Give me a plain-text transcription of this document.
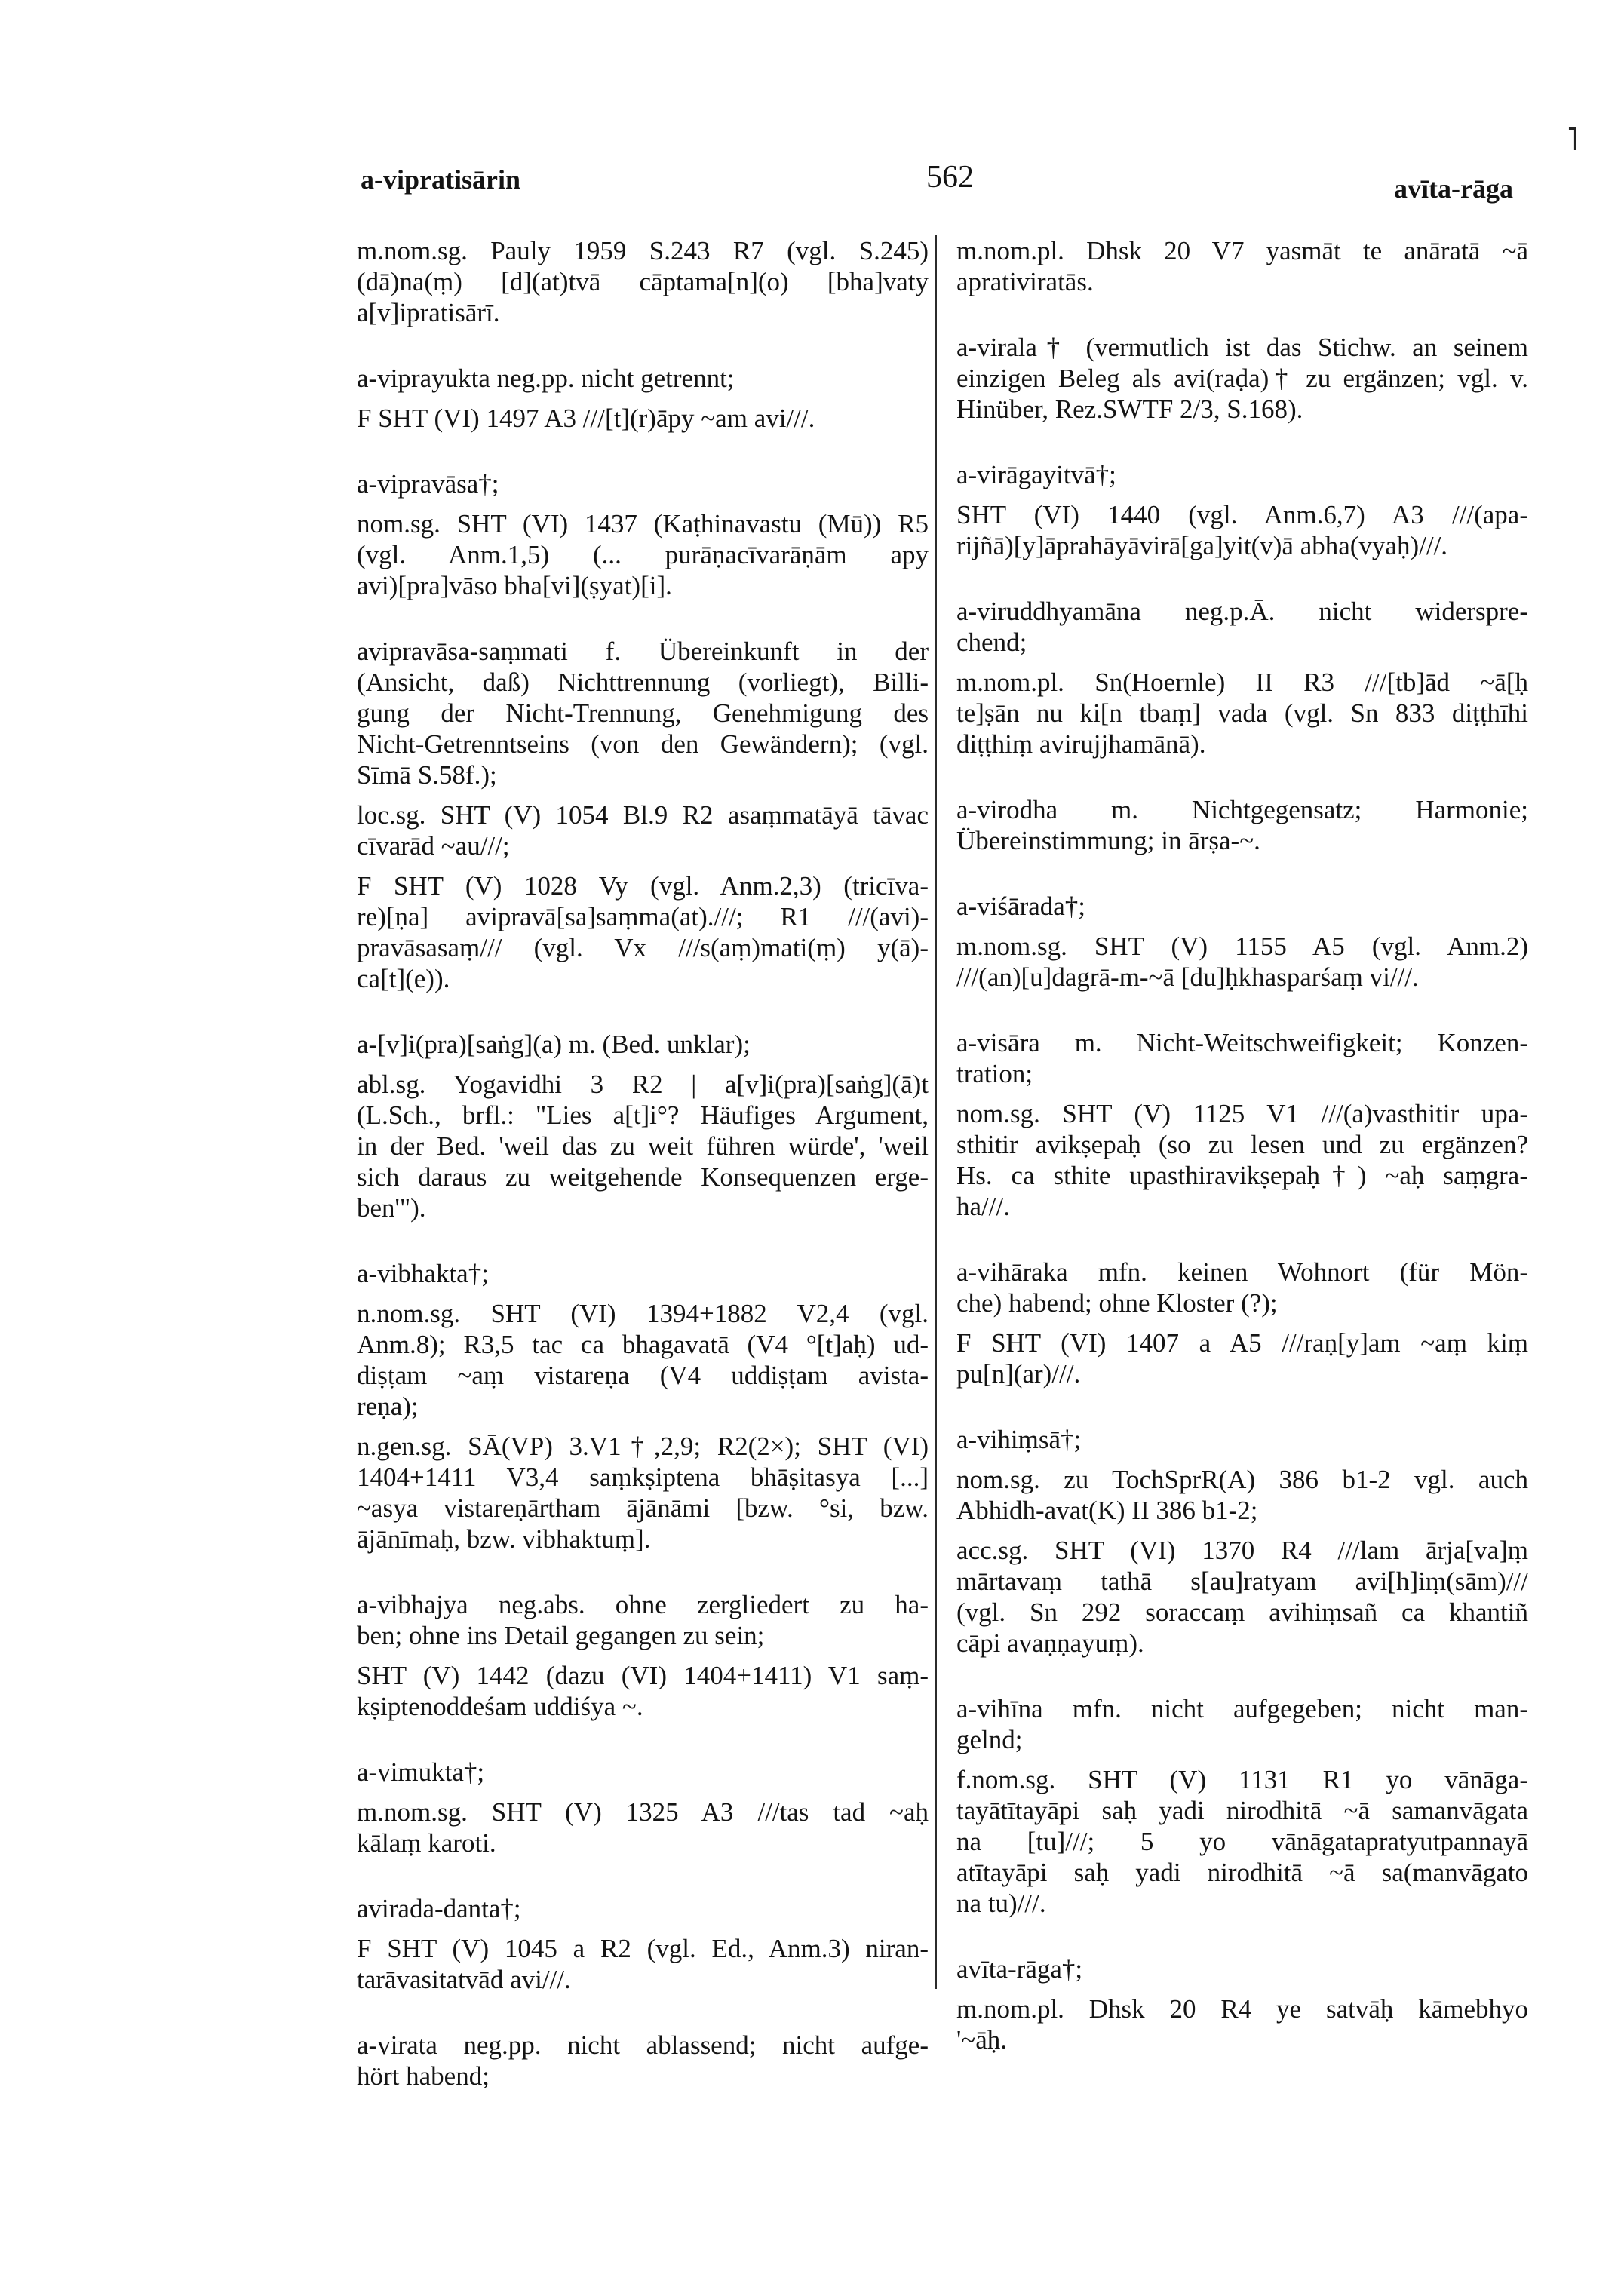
˥
a-vipratisārin	562	avīta-rāga
m.nom.sg. Pauly 1959 S.243 R7 (vgl. S.245)
(dā)na(ṃ) [d](at)tvā cāptama[n](o) [bha]vaty
a[v]ipratisārī.
a-viprayukta neg.pp. nicht getrennt;
F SHT (VI) 1497 A3 ///[t](r)āpy ~am avi///.
a-vipravāsa†;
nom.sg. SHT (VI) 1437 (Kaṭhinavastu (Mū)) R5
(vgl. Anm.1,5) (... purāṇacīvarāṇām apy
avi)[pra]vāso bha[vi](ṣyat)[i].
avipravāsa-saṃmati f. Übereinkunft in der
(Ansicht, daß) Nichttrennung (vorliegt), Billi-
gung der Nicht-Trennung, Genehmigung des
Nicht-Getrenntseins (von den Gewändern); (vgl.
Sīmā S.58f.);
loc.sg. SHT (V) 1054 Bl.9 R2 asaṃmatāyā tāvac
cīvarād ~au///;
F SHT (V) 1028 Vy (vgl. Anm.2,3) (tricīva-
re)[ṇa] avipravā[sa]saṃma(at).///; R1 ///(avi)-
pravāsasaṃ/// (vgl. Vx ///s(aṃ)mati(ṃ) y(ā)-
ca[t](e)).
a-[v]i(pra)[saṅg](a) m. (Bed. unklar);
abl.sg. Yogavidhi 3 R2 | a[v]i(pra)[saṅg](ā)t
(L.Sch., brfl.: "Lies a[t]i°? Häufiges Argument,
in der Bed. 'weil das zu weit führen würde', 'weil
sich daraus zu weitgehende Konsequenzen erge-
ben'").
a-vibhakta†;
n.nom.sg. SHT (VI) 1394+1882 V2,4 (vgl.
Anm.8); R3,5 tac ca bhagavatā (V4 °[t]aḥ) ud-
diṣṭam ~aṃ vistareṇa (V4 uddiṣṭam avista-
reṇa);
n.gen.sg. SĀ(VP) 3.V1†,2,9; R2(2×); SHT (VI)
1404+1411 V3,4 saṃkṣiptena bhāṣitasya [...]
~asya vistareṇārtham ājānāmi [bzw. °si, bzw.
ājānīmaḥ, bzw. vibhaktuṃ].
a-vibhajya neg.abs. ohne zergliedert zu ha-
ben; ohne ins Detail gegangen zu sein;
SHT (V) 1442 (dazu (VI) 1404+1411) V1 saṃ-
kṣiptenoddeśam uddiśya ~.
a-vimukta†;
m.nom.sg. SHT (V) 1325 A3 ///tas tad ~aḥ
kālaṃ karoti.
avirada-danta†;
F SHT (V) 1045 a R2 (vgl. Ed., Anm.3) niran-
tarāvasitatvād avi///.
a-virata neg.pp. nicht ablassend; nicht aufge-
hört habend;
m.nom.pl. Dhsk 20 V7 yasmāt te anāratā ~ā
aprativiratās.
a-virala† (vermutlich ist das Stichw. an seinem
einzigen Beleg als avi(raḍa)† zu ergänzen; vgl. v.
Hinüber, Rez.SWTF 2/3, S.168).
a-virāgayitvā†;
SHT (VI) 1440 (vgl. Anm.6,7) A3 ///(apa-
rijñā)[y]āprahāyāvirā[ga]yit(v)ā abha(vyaḥ)///.
a-viruddhyamāna neg.p.Ā. nicht widerspre-
chend;
m.nom.pl. Sn(Hoernle) II R3 ///[tb]ād ~ā[ḥ
te]ṣān nu ki[n tbaṃ] vada (vgl. Sn 833 diṭṭhīhi
diṭṭhiṃ avirujjhamānā).
a-virodha m. Nichtgegensatz; Harmonie;
Übereinstimmung; in ārṣa-~.
a-viśārada†;
m.nom.sg. SHT (V) 1155 A5 (vgl. Anm.2)
///(an)[u]dagrā-m-~ā [du]ḥkhasparśaṃ vi///.
a-visāra m. Nicht-Weitschweifigkeit; Konzen-
tration;
nom.sg. SHT (V) 1125 V1 ///(a)vasthitir upa-
sthitir avikṣepaḥ (so zu lesen und zu ergänzen?
Hs. ca sthite upasthiravikṣepaḥ†) ~aḥ saṃgra-
ha///.
a-vihāraka mfn. keinen Wohnort (für Mön-
che) habend; ohne Kloster (?);
F SHT (VI) 1407 a A5 ///raṇ[y]am ~aṃ kiṃ
pu[n](ar)///.
a-vihiṃsā†;
nom.sg. zu TochSprR(A) 386 b1-2 vgl. auch
Abhidh-avat(K) II 386 b1-2;
acc.sg. SHT (VI) 1370 R4 ///lam ārja[va]ṃ
mārtavaṃ tathā s[au]ratyam avi[h]iṃ(sām)///
(vgl. Sn 292 soraccaṃ avihiṃsañ ca khantiñ
cāpi avaṇṇayuṃ).
a-vihīna mfn. nicht aufgegeben; nicht man-
gelnd;
f.nom.sg. SHT (V) 1131 R1 yo vānāga-
tayātītayāpi saḥ yadi nirodhitā ~ā samanvāgata
na [tu]///; 5 yo vānāgatapratyutpannayā
atītayāpi saḥ yadi nirodhitā ~ā sa(manvāgato
na tu)///.
avīta-rāga†;
m.nom.pl. Dhsk 20 R4 ye satvāḥ kāmebhyo
'~āḥ.
